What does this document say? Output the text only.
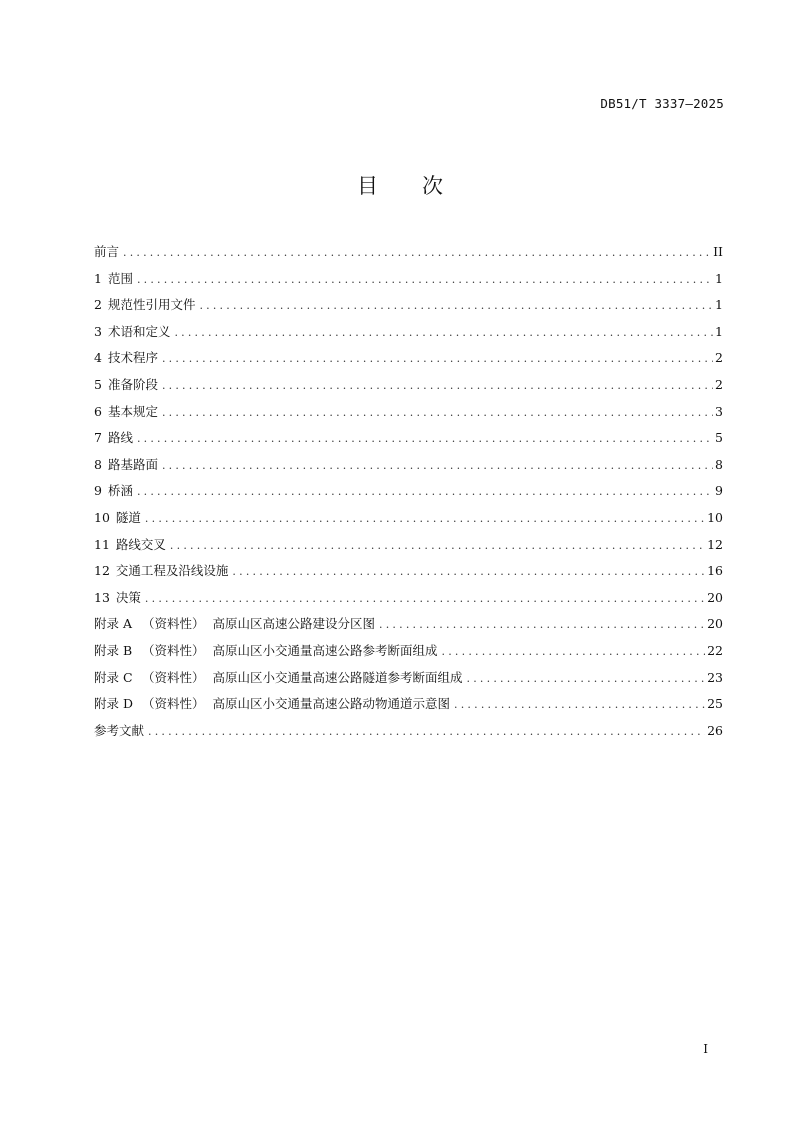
DB51/T 3337—2025
目 次
前言 .....	II
1 范围 .....	1
2 规范性引用文件 .....	1
3 术语和定义 .....	1
4 技术程序 .....	2
5 准备阶段 .....	2
6 基本规定 .....	3
7 路线 .....	5
8 路基路面 .....	8
9 桥涵 .....	9
10 隧道 .....	10
11 路线交叉 .....	12
12 交通工程及沿线设施 .....	16
13 决策 .....	20
附录 A （资料性） 高原山区高速公路建设分区图 .....	20
附录 B （资料性） 高原山区小交通量高速公路参考断面组成 .....	22
附录 C （资料性） 高原山区小交通量高速公路隧道参考断面组成 .....	23
附录 D （资料性） 高原山区小交通量高速公路动物通道示意图 .....	25
参考文献 .....	26
I
